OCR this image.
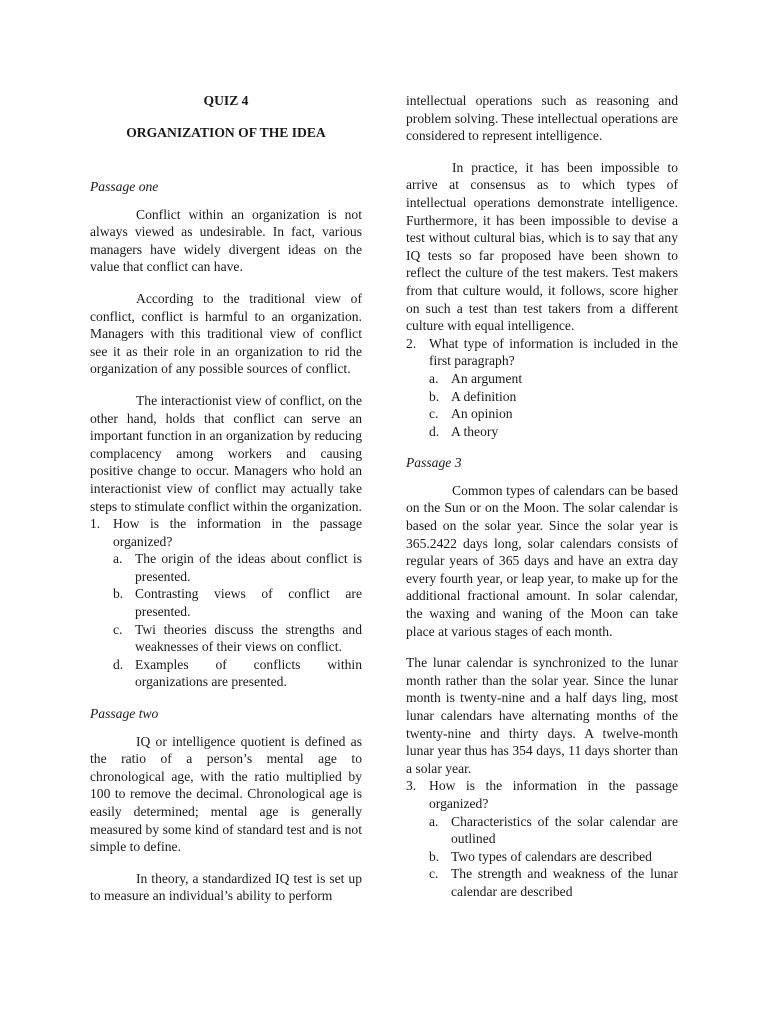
QUIZ 4
ORGANIZATION OF THE IDEA
Passage one

Conflict within an organization is not always viewed as undesirable. In fact, various managers have widely divergent ideas on the value that conflict can have.

According to the traditional view of conflict, conflict is harmful to an organization. Managers with this traditional view of conflict see it as their role in an organization to rid the organization of any possible sources of conflict.

The interactionist view of conflict, on the other hand, holds that conflict can serve an important function in an organization by reducing complacency among workers and causing positive change to occur. Managers who hold an interactionist view of conflict may actually take steps to stimulate conflict within the organization.

1. How is the information in the passage organized?
a. The origin of the ideas about conflict is presented.
b. Contrasting views of conflict are presented.
c. Twi theories discuss the strengths and weaknesses of their views on conflict.
d. Examples of conflicts within organizations are presented.
Passage two

IQ or intelligence quotient is defined as the ratio of a person’s mental age to chronological age, with the ratio multiplied by 100 to remove the decimal. Chronological age is easily determined; mental age is generally measured by some kind of standard test and is not simple to define.

In theory, a standardized IQ test is set up to measure an individual’s ability to perform

intellectual operations such as reasoning and problem solving. These intellectual operations are considered to represent intelligence.

In practice, it has been impossible to arrive at consensus as to which types of intellectual operations demonstrate intelligence. Furthermore, it has been impossible to devise a test without cultural bias, which is to say that any IQ tests so far proposed have been shown to reflect the culture of the test makers. Test makers from that culture would, it follows, score higher on such a test than test takers from a different culture with equal intelligence.

2. What type of information is included in the first paragraph?
a. An argument
b. A definition
c. An opinion
d. A theory
Passage 3

Common types of calendars can be based on the Sun or on the Moon. The solar calendar is based on the solar year. Since the solar year is 365.2422 days long, solar calendars consists of regular years of 365 days and have an extra day every fourth year, or leap year, to make up for the additional fractional amount. In solar calendar, the waxing and waning of the Moon can take place at various stages of each month.

The lunar calendar is synchronized to the lunar month rather than the solar year. Since the lunar month is twenty-nine and a half days ling, most lunar calendars have alternating months of the twenty-nine and thirty days. A twelve-month lunar year thus has 354 days, 11 days shorter than a solar year.

3. How is the information in the passage organized?
a. Characteristics of the solar calendar are outlined
b. Two types of calendars are described
c. The strength and weakness of the lunar calendar are described
